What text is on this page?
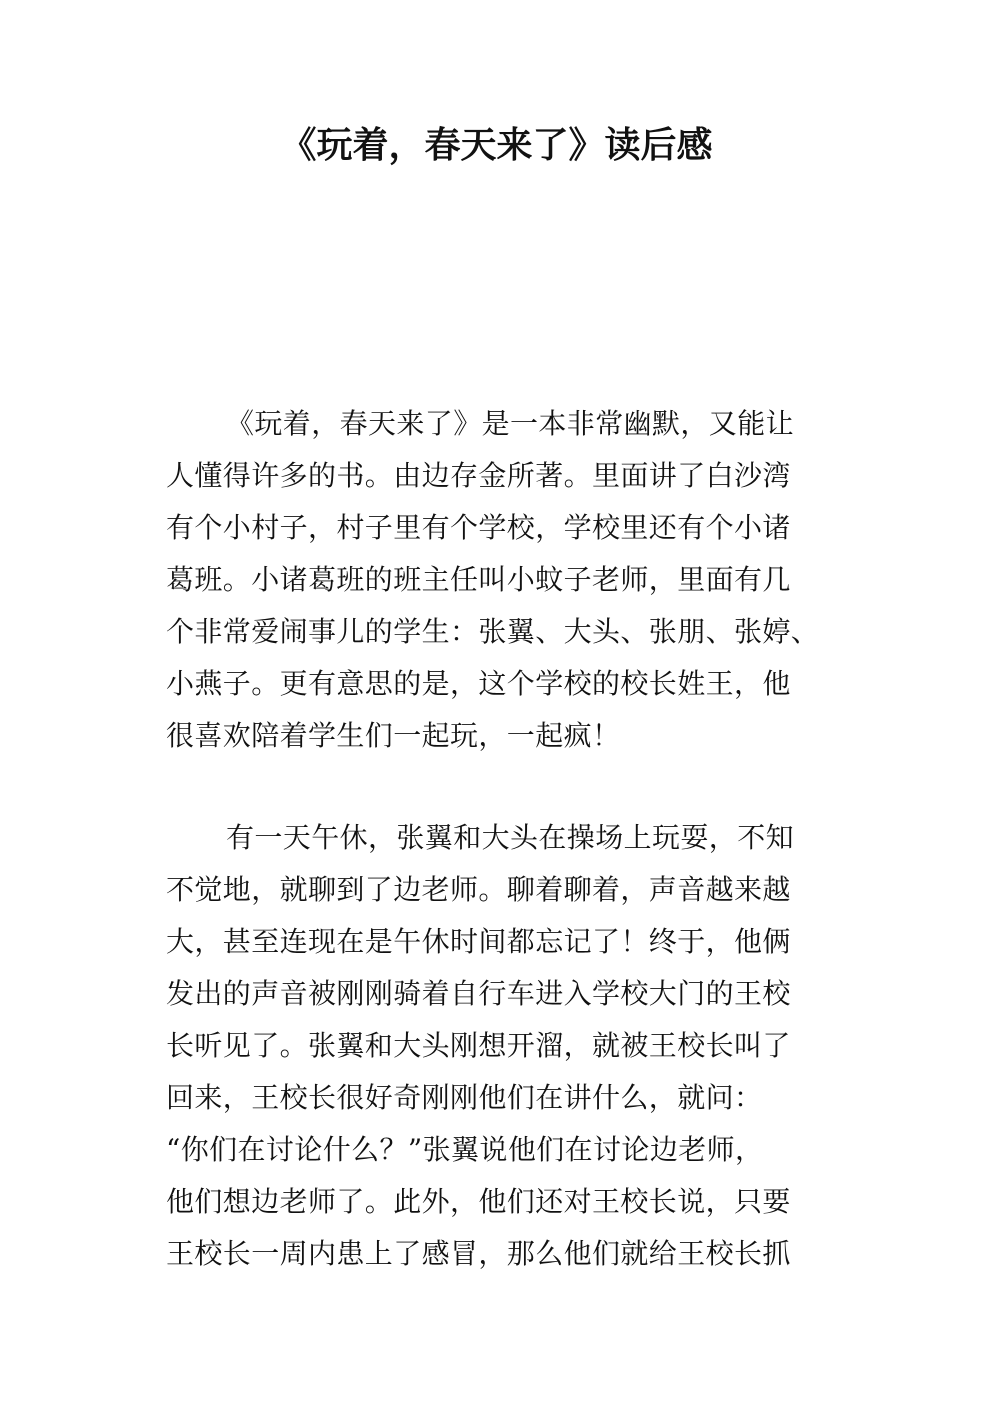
《玩着，春天来了》读后感

《玩着，春天来了》是一本非常幽默，又能让

人懂得许多的书。由边存金所著。里面讲了白沙湾

有个小村子，村子里有个学校，学校里还有个小诸

葛班。小诸葛班的班主任叫小蚊子老师，里面有几

个非常爱闹事儿的学生：张翼、大头、张朋、张婷、

小燕子。更有意思的是，这个学校的校长姓王，他

很喜欢陪着学生们一起玩，一起疯！

有一天午休，张翼和大头在操场上玩耍，不知

不觉地，就聊到了边老师。聊着聊着，声音越来越

大，甚至连现在是午休时间都忘记了！终于，他俩

发出的声音被刚刚骑着自行车进入学校大门的王校

长听见了。张翼和大头刚想开溜，就被王校长叫了

回来，王校长很好奇刚刚他们在讲什么，就问：

“你们在讨论什么？”张翼说他们在讨论边老师，

他们想边老师了。此外，他们还对王校长说，只要

王校长一周内患上了感冒，那么他们就给王校长抓
